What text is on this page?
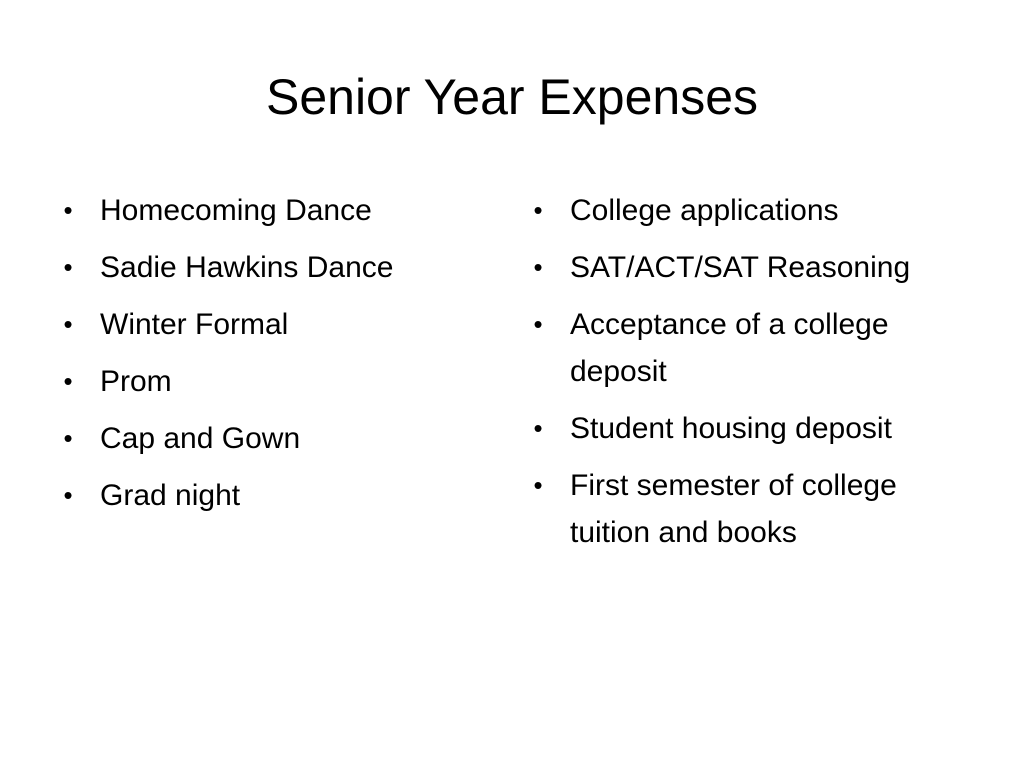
Senior Year Expenses
• Homecoming Dance
• Sadie Hawkins Dance
• Winter Formal
• Prom
• Cap and Gown
• Grad night
• College applications
• SAT/ACT/SAT Reasoning
• Acceptance of a college deposit
• Student housing deposit
• First semester of college tuition and books
